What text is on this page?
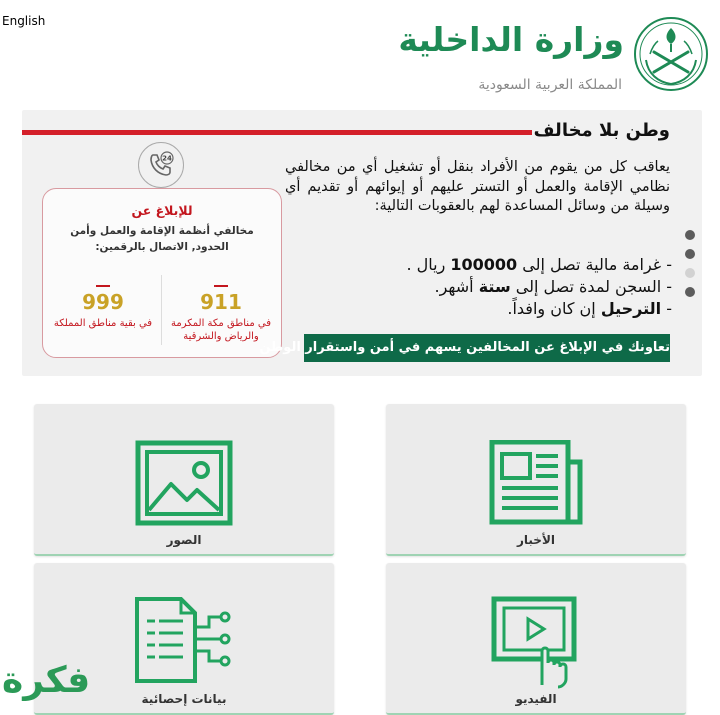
English	وزارة الداخلية
المملكة العربية السعودية
وطن بلا مخالف
24
للإبلاغ عن
مخالفي أنظمة الإقامة والعمل وأمن الحدود, الاتصال بالرقمين:
911
في مناطق مكة المكرمة والرياض والشرقية
999
في بقية مناطق المملكة
يعاقب كل من يقوم من الأفراد بنقل أو تشغيل أي من مخالفي نظامي الإقامة والعمل أو التستر عليهم أو إيوائهم أو تقديم أي وسيلة من وسائل المساعدة لهم بالعقوبات التالية:
- غرامة مالية تصل إلى 100000 ريال .
- السجن لمدة تصل إلى ستة أشهر.
- الترحيل إن كان وافداً.
تعاونك في الإبلاغ عن المخالفين يسهم في أمن واستقرار الوطن
الأخبار
الصور
الفيديو
بيانات إحصائية
فكرة
